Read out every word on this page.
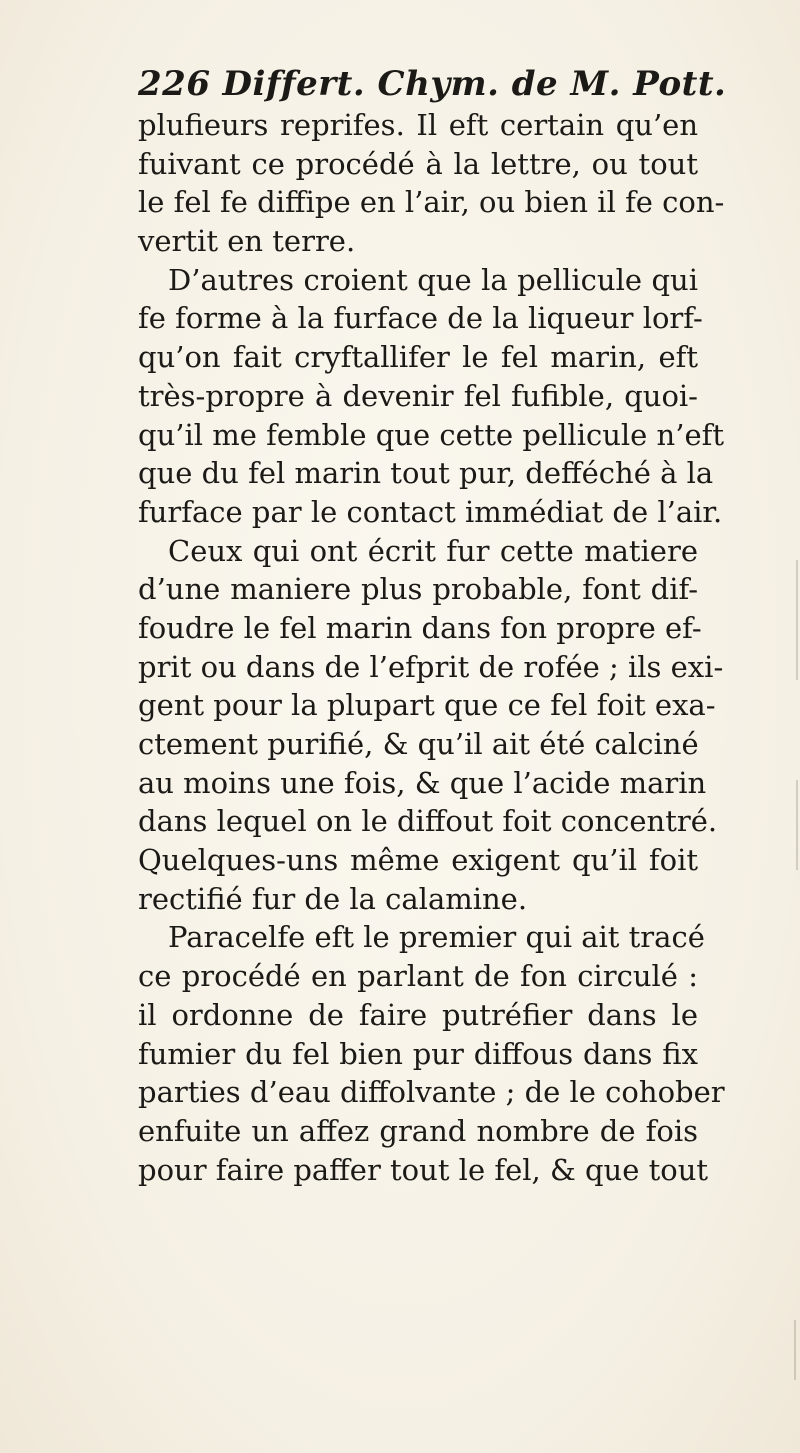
226 Differt. Chym. de M. Pott.
plufieurs reprifes. Il eft certain qu’en
fuivant ce procédé à la lettre, ou tout
le fel fe diffipe en l’air, ou bien il fe con-
vertit en terre.
D’autres croient que la pellicule qui
fe forme à la furface de la liqueur lorf-
qu’on fait cryftallifer le fel marin, eft
très-propre à devenir fel fufible, quoi-
qu’il me femble que cette pellicule n’eft
que du fel marin tout pur, defféché à la
furface par le contact immédiat de l’air.
Ceux qui ont écrit fur cette matiere
d’une maniere plus probable, font dif-
foudre le fel marin dans fon propre ef-
prit ou dans de l’efprit de rofée ; ils exi-
gent pour la plupart que ce fel foit exa-
ctement purifié, & qu’il ait été calciné
au moins une fois, & que l’acide marin
dans lequel on le diffout foit concentré.
Quelques-uns même exigent qu’il foit
rectifié fur de la calamine.
Paracelfe eft le premier qui ait tracé
ce procédé en parlant de fon circulé :
il ordonne de faire putréfier dans le
fumier du fel bien pur diffous dans fix
parties d’eau diffolvante ; de le cohober
enfuite un affez grand nombre de fois
pour faire paffer tout le fel, & que tout
